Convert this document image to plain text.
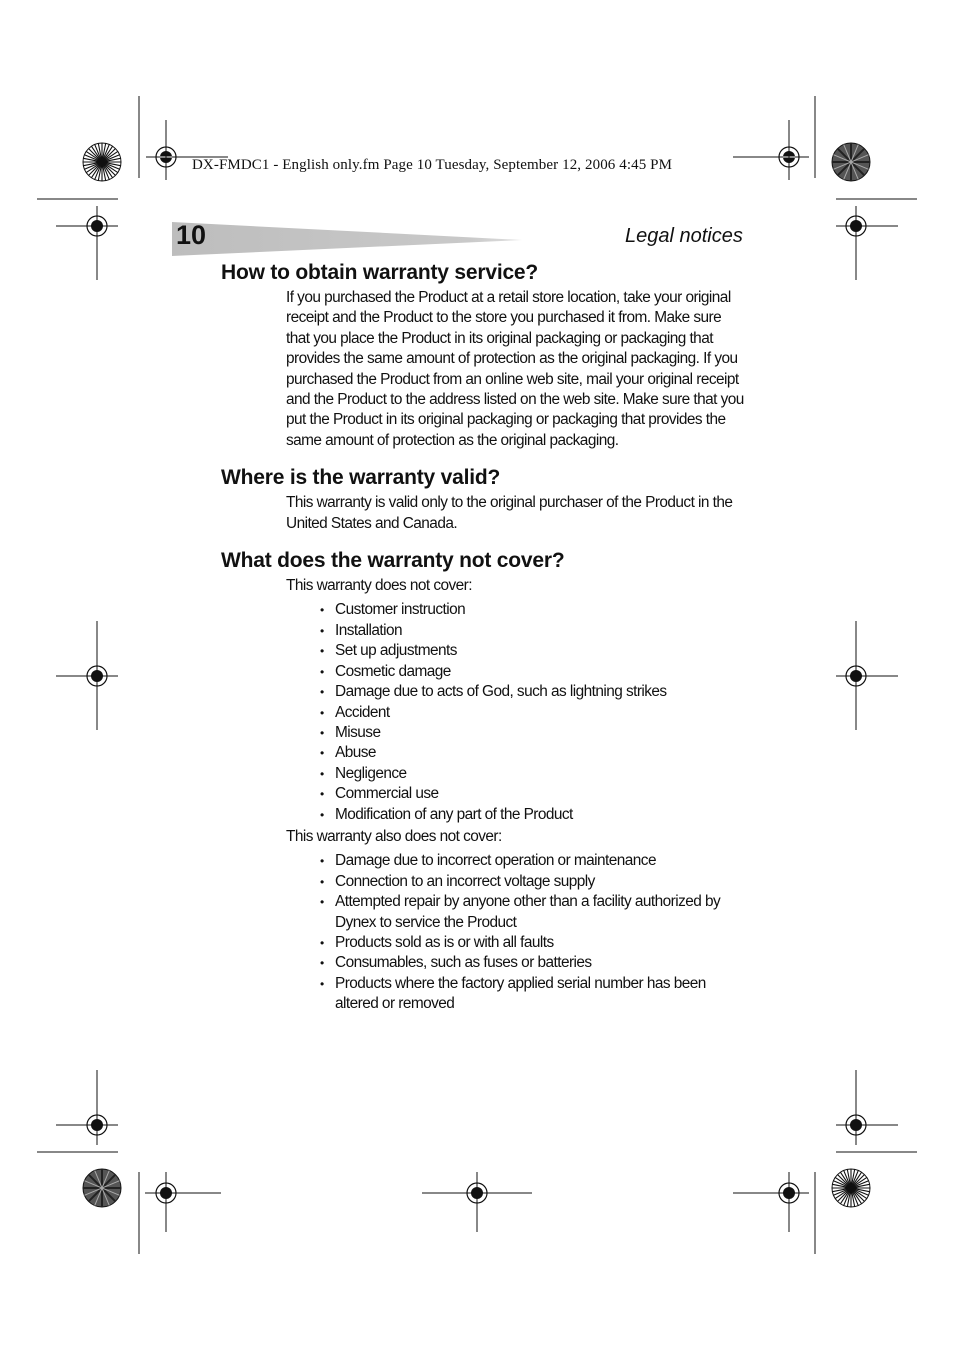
DX-FMDC1 - English only.fm Page 10 Tuesday, September 12, 2006 4:45 PM
10	Legal notices
How to obtain warranty service?

If you purchased the Product at a retail store location, take your original receipt and the Product to the store you purchased it from. Make sure that you place the Product in its original packaging or packaging that provides the same amount of protection as the original packaging. If you purchased the Product from an online web site, mail your original receipt and the Product to the address listed on the web site. Make sure that you put the Product in its original packaging or packaging that provides the same amount of protection as the original packaging.

Where is the warranty valid?

This warranty is valid only to the original purchaser of the Product in the United States and Canada.

What does the warranty not cover?

This warranty does not cover:

• Customer instruction
• Installation
• Set up adjustments
• Cosmetic damage
• Damage due to acts of God, such as lightning strikes
• Accident
• Misuse
• Abuse
• Negligence
• Commercial use
• Modification of any part of the Product

This warranty also does not cover:

• Damage due to incorrect operation or maintenance
• Connection to an incorrect voltage supply
• Attempted repair by anyone other than a facility authorized by Dynex to service the Product
• Products sold as is or with all faults
• Consumables, such as fuses or batteries
• Products where the factory applied serial number has been altered or removed
